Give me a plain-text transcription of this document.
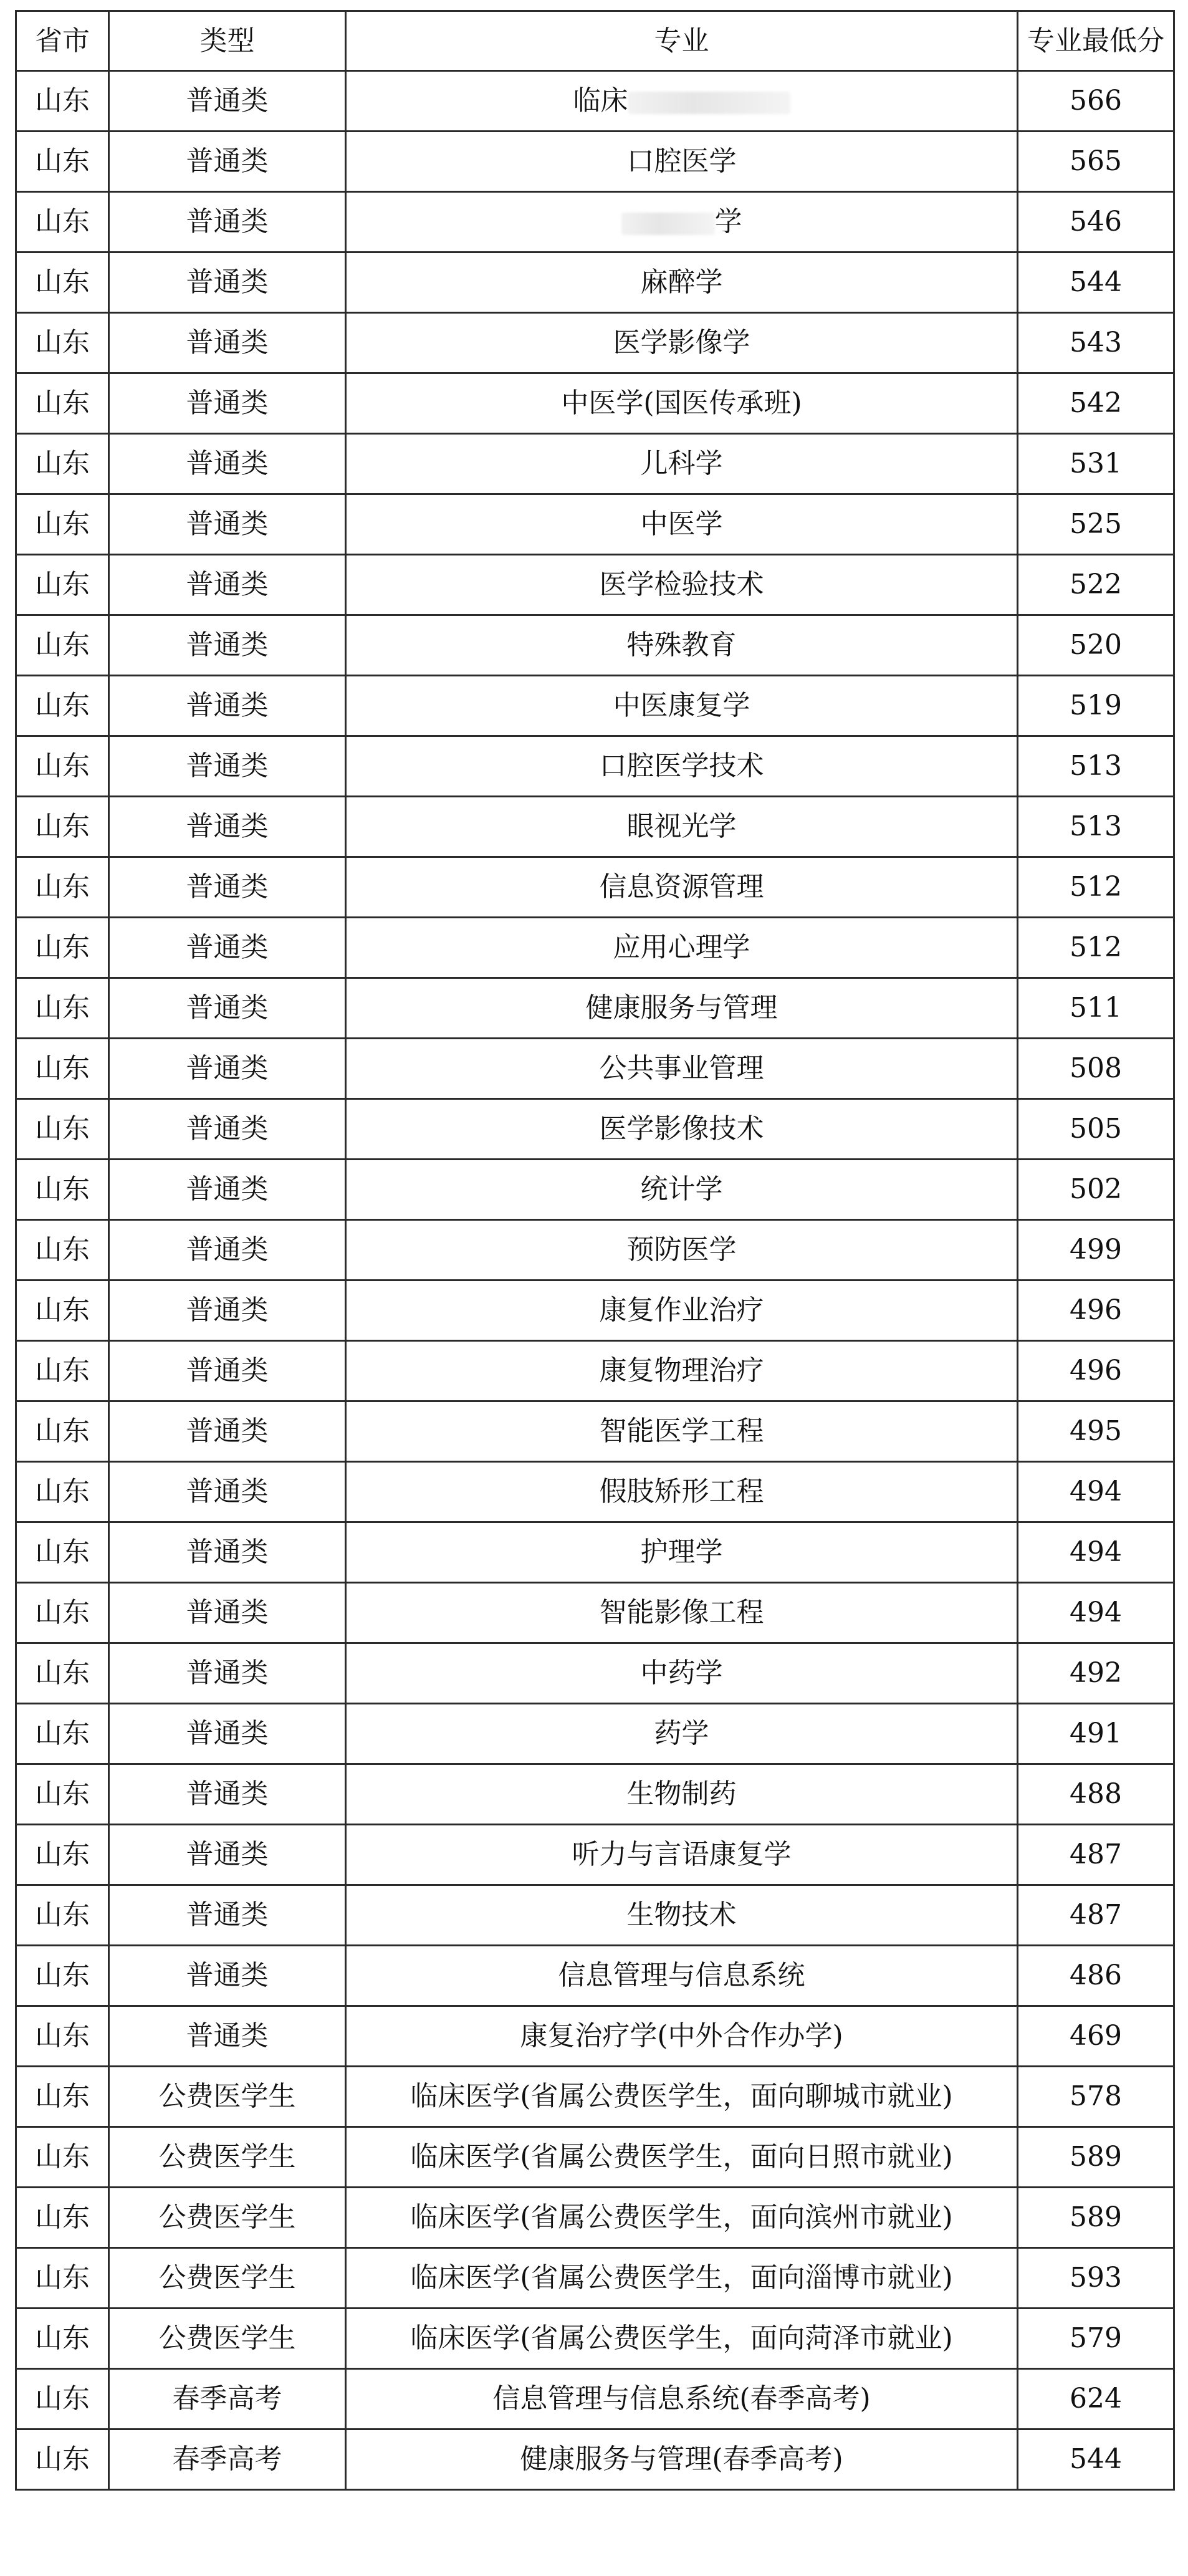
省市	类型	专业	专业最低分
山东	普通类	临床	566
山东	普通类	口腔医学	565
山东	普通类	学	546
山东	普通类	麻醉学	544
山东	普通类	医学影像学	543
山东	普通类	中医学(国医传承班)	542
山东	普通类	儿科学	531
山东	普通类	中医学	525
山东	普通类	医学检验技术	522
山东	普通类	特殊教育	520
山东	普通类	中医康复学	519
山东	普通类	口腔医学技术	513
山东	普通类	眼视光学	513
山东	普通类	信息资源管理	512
山东	普通类	应用心理学	512
山东	普通类	健康服务与管理	511
山东	普通类	公共事业管理	508
山东	普通类	医学影像技术	505
山东	普通类	统计学	502
山东	普通类	预防医学	499
山东	普通类	康复作业治疗	496
山东	普通类	康复物理治疗	496
山东	普通类	智能医学工程	495
山东	普通类	假肢矫形工程	494
山东	普通类	护理学	494
山东	普通类	智能影像工程	494
山东	普通类	中药学	492
山东	普通类	药学	491
山东	普通类	生物制药	488
山东	普通类	听力与言语康复学	487
山东	普通类	生物技术	487
山东	普通类	信息管理与信息系统	486
山东	普通类	康复治疗学(中外合作办学)	469
山东	公费医学生	临床医学(省属公费医学生，面向聊城市就业)	578
山东	公费医学生	临床医学(省属公费医学生，面向日照市就业)	589
山东	公费医学生	临床医学(省属公费医学生，面向滨州市就业)	589
山东	公费医学生	临床医学(省属公费医学生，面向淄博市就业)	593
山东	公费医学生	临床医学(省属公费医学生，面向菏泽市就业)	579
山东	春季高考	信息管理与信息系统(春季高考)	624
山东	春季高考	健康服务与管理(春季高考)	544
